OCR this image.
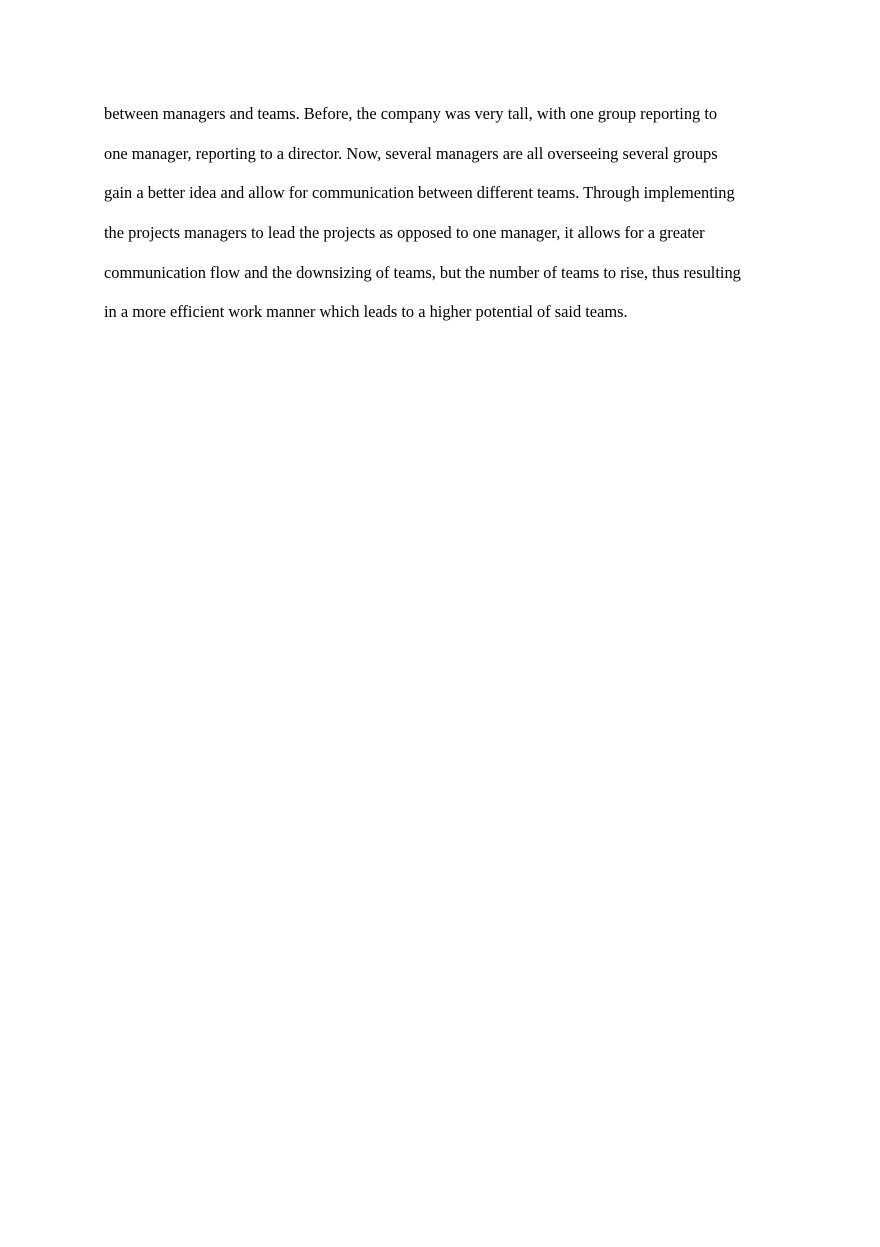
between managers and teams. Before, the company was very tall, with one group reporting to
one manager, reporting to a director. Now, several managers are all overseeing several groups
gain a better idea and allow for communication between different teams. Through implementing
the projects managers to lead the projects as opposed to one manager, it allows for a greater
communication flow and the downsizing of teams, but the number of teams to rise, thus resulting
in a more efficient work manner which leads to a higher potential of said teams.
